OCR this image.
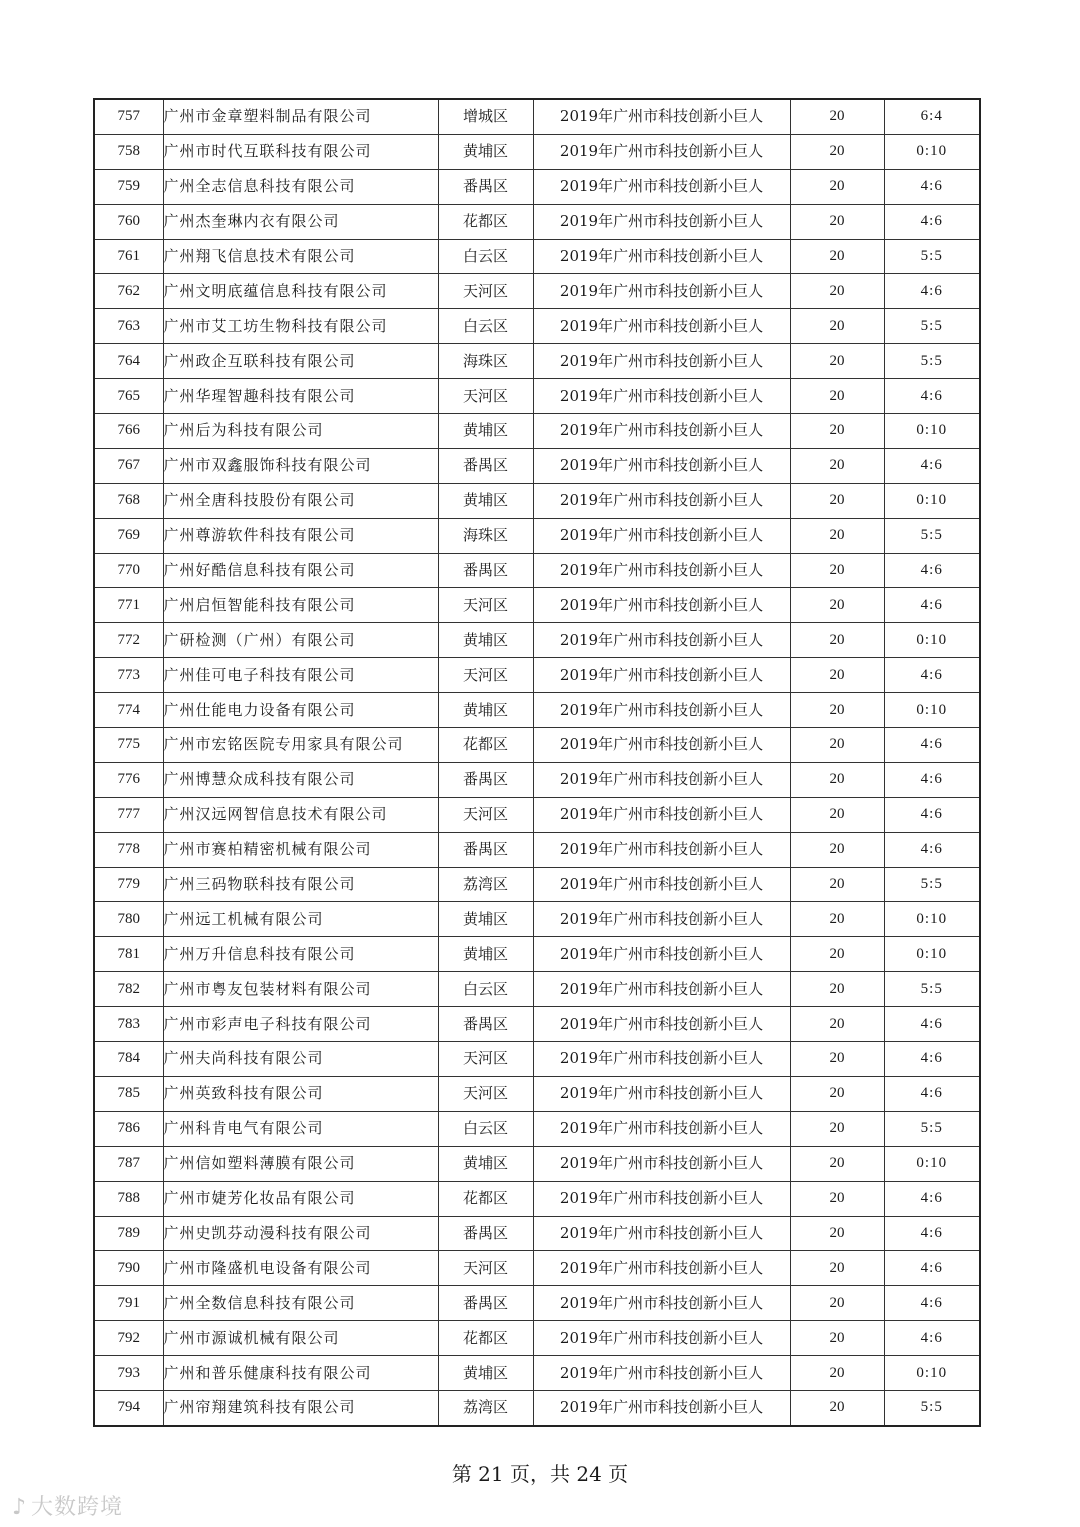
757	广州市金章塑料制品有限公司	增城区	2019年广州市科技创新小巨人	20	6:4
758	广州市时代互联科技有限公司	黄埔区	2019年广州市科技创新小巨人	20	0:10
759	广州全志信息科技有限公司	番禺区	2019年广州市科技创新小巨人	20	4:6
760	广州杰奎琳内衣有限公司	花都区	2019年广州市科技创新小巨人	20	4:6
761	广州翔飞信息技术有限公司	白云区	2019年广州市科技创新小巨人	20	5:5
762	广州文明底蕴信息科技有限公司	天河区	2019年广州市科技创新小巨人	20	4:6
763	广州市艾工坊生物科技有限公司	白云区	2019年广州市科技创新小巨人	20	5:5
764	广州政企互联科技有限公司	海珠区	2019年广州市科技创新小巨人	20	5:5
765	广州华瑆智趣科技有限公司	天河区	2019年广州市科技创新小巨人	20	4:6
766	广州后为科技有限公司	黄埔区	2019年广州市科技创新小巨人	20	0:10
767	广州市双鑫服饰科技有限公司	番禺区	2019年广州市科技创新小巨人	20	4:6
768	广州全唐科技股份有限公司	黄埔区	2019年广州市科技创新小巨人	20	0:10
769	广州尊游软件科技有限公司	海珠区	2019年广州市科技创新小巨人	20	5:5
770	广州好酷信息科技有限公司	番禺区	2019年广州市科技创新小巨人	20	4:6
771	广州启恒智能科技有限公司	天河区	2019年广州市科技创新小巨人	20	4:6
772	广研检测（广州）有限公司	黄埔区	2019年广州市科技创新小巨人	20	0:10
773	广州佳可电子科技有限公司	天河区	2019年广州市科技创新小巨人	20	4:6
774	广州仕能电力设备有限公司	黄埔区	2019年广州市科技创新小巨人	20	0:10
775	广州市宏铭医院专用家具有限公司	花都区	2019年广州市科技创新小巨人	20	4:6
776	广州博慧众成科技有限公司	番禺区	2019年广州市科技创新小巨人	20	4:6
777	广州汉远网智信息技术有限公司	天河区	2019年广州市科技创新小巨人	20	4:6
778	广州市赛柏精密机械有限公司	番禺区	2019年广州市科技创新小巨人	20	4:6
779	广州三码物联科技有限公司	荔湾区	2019年广州市科技创新小巨人	20	5:5
780	广州远工机械有限公司	黄埔区	2019年广州市科技创新小巨人	20	0:10
781	广州万升信息科技有限公司	黄埔区	2019年广州市科技创新小巨人	20	0:10
782	广州市粤友包装材料有限公司	白云区	2019年广州市科技创新小巨人	20	5:5
783	广州市彩声电子科技有限公司	番禺区	2019年广州市科技创新小巨人	20	4:6
784	广州夫尚科技有限公司	天河区	2019年广州市科技创新小巨人	20	4:6
785	广州英致科技有限公司	天河区	2019年广州市科技创新小巨人	20	4:6
786	广州科肯电气有限公司	白云区	2019年广州市科技创新小巨人	20	5:5
787	广州信如塑料薄膜有限公司	黄埔区	2019年广州市科技创新小巨人	20	0:10
788	广州市婕芳化妆品有限公司	花都区	2019年广州市科技创新小巨人	20	4:6
789	广州史凯芬动漫科技有限公司	番禺区	2019年广州市科技创新小巨人	20	4:6
790	广州市隆盛机电设备有限公司	天河区	2019年广州市科技创新小巨人	20	4:6
791	广州全数信息科技有限公司	番禺区	2019年广州市科技创新小巨人	20	4:6
792	广州市源诚机械有限公司	花都区	2019年广州市科技创新小巨人	20	4:6
793	广州和普乐健康科技有限公司	黄埔区	2019年广州市科技创新小巨人	20	0:10
794	广州帘翔建筑科技有限公司	荔湾区	2019年广州市科技创新小巨人	20	5:5
第 21 页，共 24 页
♪ 大数跨境
